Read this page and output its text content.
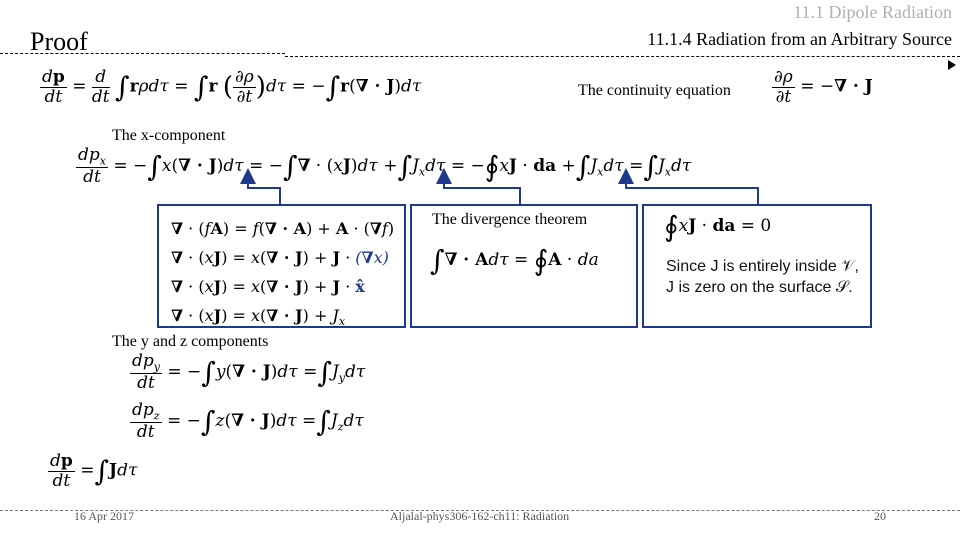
11.1 Dipole Radiation
11.1.4 Radiation from an Arbitrary Source
Proof
$\frac{dp}{dt} = \frac{d}{dt} \int r\rho d\tau = \int r$ ( $\frac{\partial\rho}{\partial t} )d\tau = -\int r(\nabla \cdot J)d\tau$	The continuity equation $\frac{\partial\rho}{\partial t}$ = −∇ · J
The x-component
$\frac{dp_x}{dt} = -\int x(\nabla \cdot J)d\tau$ = −∫∇ · $(xJ)d\tau +\int J_xd\tau$ = −∮xJ · da $+\int J_xd\tau =\int J_xd\tau$
∇ · (fA) = f(∇ · A) + A · (∇f)
∇ · (xJ) = x(∇ · J) + J · (∇x)
∇ · (xJ) = x(∇ · J) + J · x̂
∇ · $(xJ) = x(\nabla \cdot J) + J_x$
The divergence theorem
∫∇ · Adτ = ∮A · da
∮xJ · da = 0
Since J is entirely inside 𝒱,
J is zero on the surface 𝒮.
The y and z components
$\frac{dp_y}{dt} = -\int y(\nabla \cdot J)d\tau =\int J_yd\tau$
$\frac{dp_z}{dt} = -\int z(\nabla \cdot J)d\tau =\int J_zd\tau$
$\frac{dp}{dt} =\int Jd\tau$
16 Apr 2017	Aljalal-phys306-162-ch11: Radiation	20
